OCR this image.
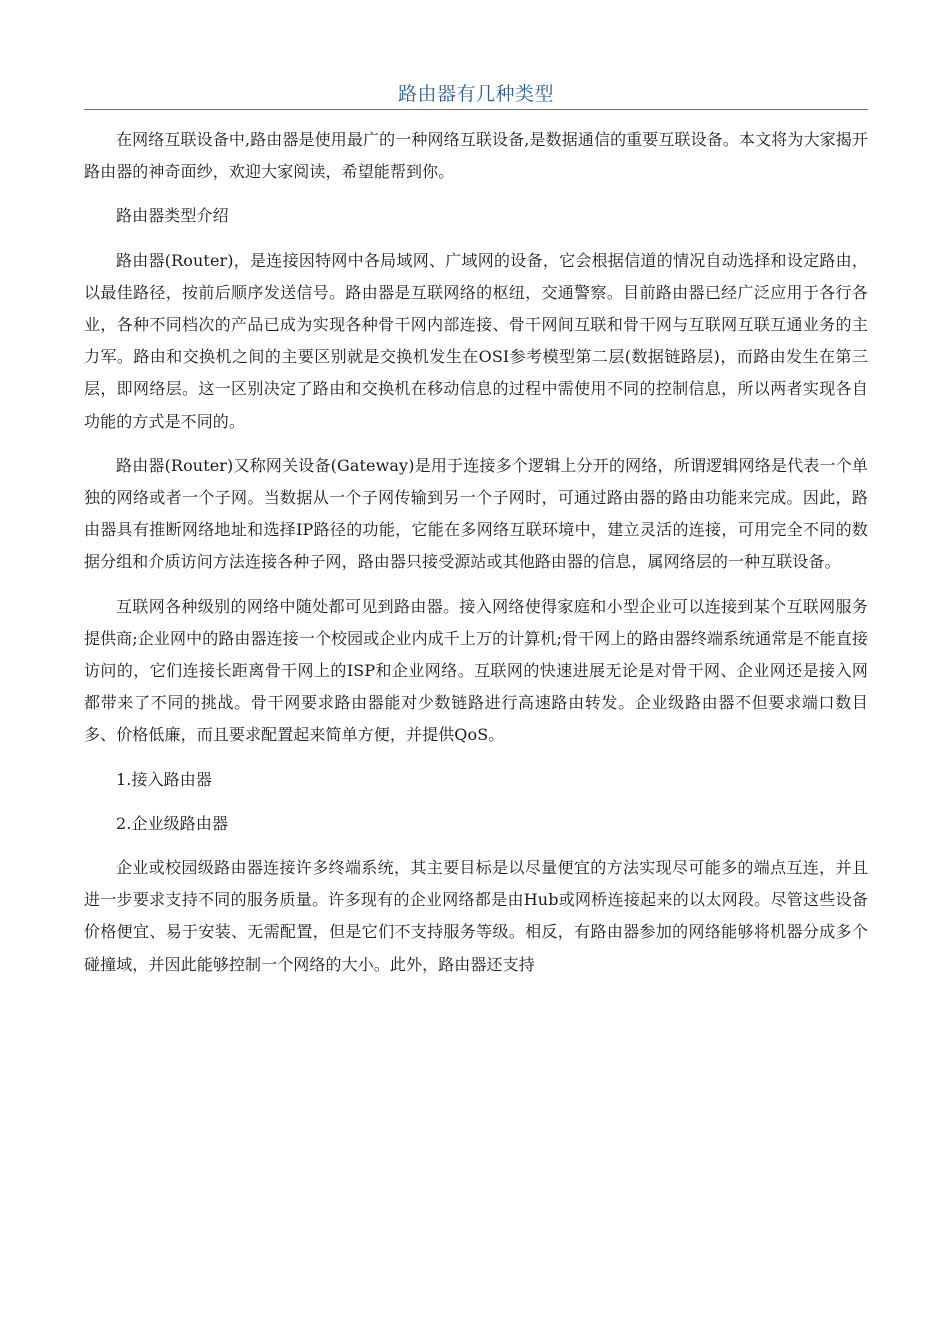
路由器有几种类型

在网络互联设备中,路由器是使用最广的一种网络互联设备,是数据通信的重要互联设备。本文将为大家揭开路由器的神奇面纱，欢迎大家阅读，希望能帮到你。

路由器类型介绍

路由器(Router)，是连接因特网中各局域网、广域网的设备，它会根据信道的情况自动选择和设定路由，以最佳路径，按前后顺序发送信号。路由器是互联网络的枢纽，交通警察。目前路由器已经广泛应用于各行各业，各种不同档次的产品已成为实现各种骨干网内部连接、骨干网间互联和骨干网与互联网互联互通业务的主力军。路由和交换机之间的主要区别就是交换机发生在OSI参考模型第二层(数据链路层)，而路由发生在第三层，即网络层。这一区别决定了路由和交换机在移动信息的过程中需使用不同的控制信息，所以两者实现各自功能的方式是不同的。

路由器(Router)又称网关设备(Gateway)是用于连接多个逻辑上分开的网络，所谓逻辑网络是代表一个单独的网络或者一个子网。当数据从一个子网传输到另一个子网时，可通过路由器的路由功能来完成。因此，路由器具有推断网络地址和选择IP路径的功能，它能在多网络互联环境中，建立灵活的连接，可用完全不同的数据分组和介质访问方法连接各种子网，路由器只接受源站或其他路由器的信息，属网络层的一种互联设备。

互联网各种级别的网络中随处都可见到路由器。接入网络使得家庭和小型企业可以连接到某个互联网服务提供商;企业网中的路由器连接一个校园或企业内成千上万的计算机;骨干网上的路由器终端系统通常是不能直接访问的，它们连接长距离骨干网上的ISP和企业网络。互联网的快速进展无论是对骨干网、企业网还是接入网都带来了不同的挑战。骨干网要求路由器能对少数链路进行高速路由转发。企业级路由器不但要求端口数目多、价格低廉，而且要求配置起来简单方便，并提供QoS。

1.接入路由器

2.企业级路由器

企业或校园级路由器连接许多终端系统，其主要目标是以尽量便宜的方法实现尽可能多的端点互连，并且进一步要求支持不同的服务质量。许多现有的企业网络都是由Hub或网桥连接起来的以太网段。尽管这些设备价格便宜、易于安装、无需配置，但是它们不支持服务等级。相反，有路由器参加的网络能够将机器分成多个碰撞域，并因此能够控制一个网络的大小。此外，路由器还支持
